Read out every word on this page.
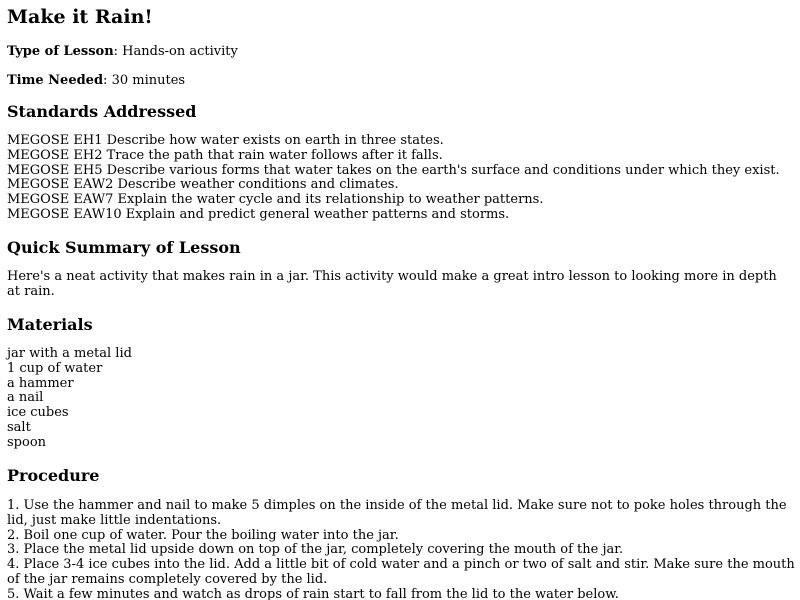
Make it Rain!
Type of Lesson: Hands-on activity
Time Needed: 30 minutes
Standards Addressed
MEGOSE EH1 Describe how water exists on earth in three states.
MEGOSE EH2 Trace the path that rain water follows after it falls.
MEGOSE EH5 Describe various forms that water takes on the earth's surface and conditions under which they exist.
MEGOSE EAW2 Describe weather conditions and climates.
MEGOSE EAW7 Explain the water cycle and its relationship to weather patterns.
MEGOSE EAW10 Explain and predict general weather patterns and storms.
Quick Summary of Lesson
Here's a neat activity that makes rain in a jar. This activity would make a great intro lesson to looking more in depth at rain.
Materials
jar with a metal lid
1 cup of water
a hammer
a nail
ice cubes
salt
spoon
Procedure
1. Use the hammer and nail to make 5 dimples on the inside of the metal lid. Make sure not to poke holes through the lid, just make little indentations.
2. Boil one cup of water. Pour the boiling water into the jar.
3. Place the metal lid upside down on top of the jar, completely covering the mouth of the jar.
4. Place 3-4 ice cubes into the lid. Add a little bit of cold water and a pinch or two of salt and stir. Make sure the mouth of the jar remains completely covered by the lid.
5. Wait a few minutes and watch as drops of rain start to fall from the lid to the water below.
